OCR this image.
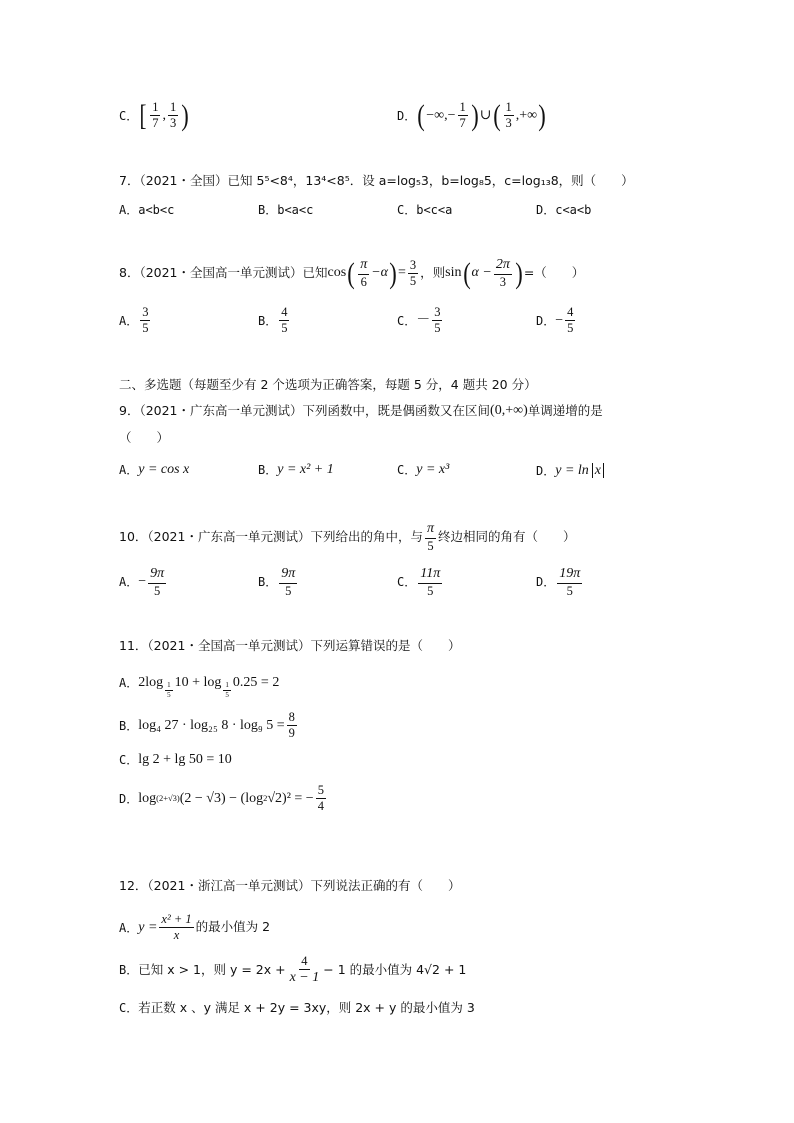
C． [ $\frac{1}{7}$ , $\frac{1}{3}$ )	D． ( −∞,− $\frac{1}{7}$ ) ∪ ( $\frac{1}{3}$ ,+∞ )
7．（2021・全国）已知 5⁵<8⁴，13⁴<8⁵．设 a=log₅3，b=log₈5，c=log₁₃8，则（　　）
A．a<b<c	B．b<a<c	C．b<c<a	D．c<a<b
8．（2021・全国高一单元测试）已知 cos ( $\frac{\pi}{6} -\alpha$ ) = $\frac{3}{5}$ ，则 sin ( $\alpha - \frac{2\pi}{3}$ ) =（　　）
A． $\frac{3}{5}$	B． $\frac{4}{5}$	C． － $\frac{3}{5}$	D． − $\frac{4}{5}$
二、多选题（每题至少有 2 个选项为正确答案，每题 5 分，4 题共 20 分）
9．（2021・广东高一单元测试）下列函数中，既是偶函数又在区间 (0,+∞) 单调递增的是
（　　）
A． y = cos x	B． y = x² + 1	C． y = x³	D． y = ln x
10．（2021・广东高一单元测试）下列给出的角中，与 $\frac{\pi}{5}$ 终边相同的角有（　　）
A． − $\frac{9\pi}{5}$	B． $\frac{9\pi}{5}$	C． $\frac{11\pi}{5}$	D． $\frac{19\pi}{5}$
11．（2021・全国高一单元测试）下列运算错误的是（　　）
A． $2\log \frac{1}{5} 10 + \log \frac{1}{5} 0.25 = 2$
B． log₄ 27 · log₂₅ 8 · log₉ $5 = \frac{8}{9}$
C． lg 2 + lg 50 = 10
D． log (2+√3) (2 − √3) − (log 2 √2)² = − $\frac{5}{4}$
12．（2021・浙江高一单元测试）下列说法正确的有（　　）
A． $y = \frac{\text{x² + 1}}{x}$ 的最小值为 2
B． 已知 x > 1，则 $y = 2x + \frac{4}{x - 1} - 1$ 的最小值为 4√2 + 1
C． 若正数 x 、y 满足 x + 2y = 3xy，则 2x + y 的最小值为 3
